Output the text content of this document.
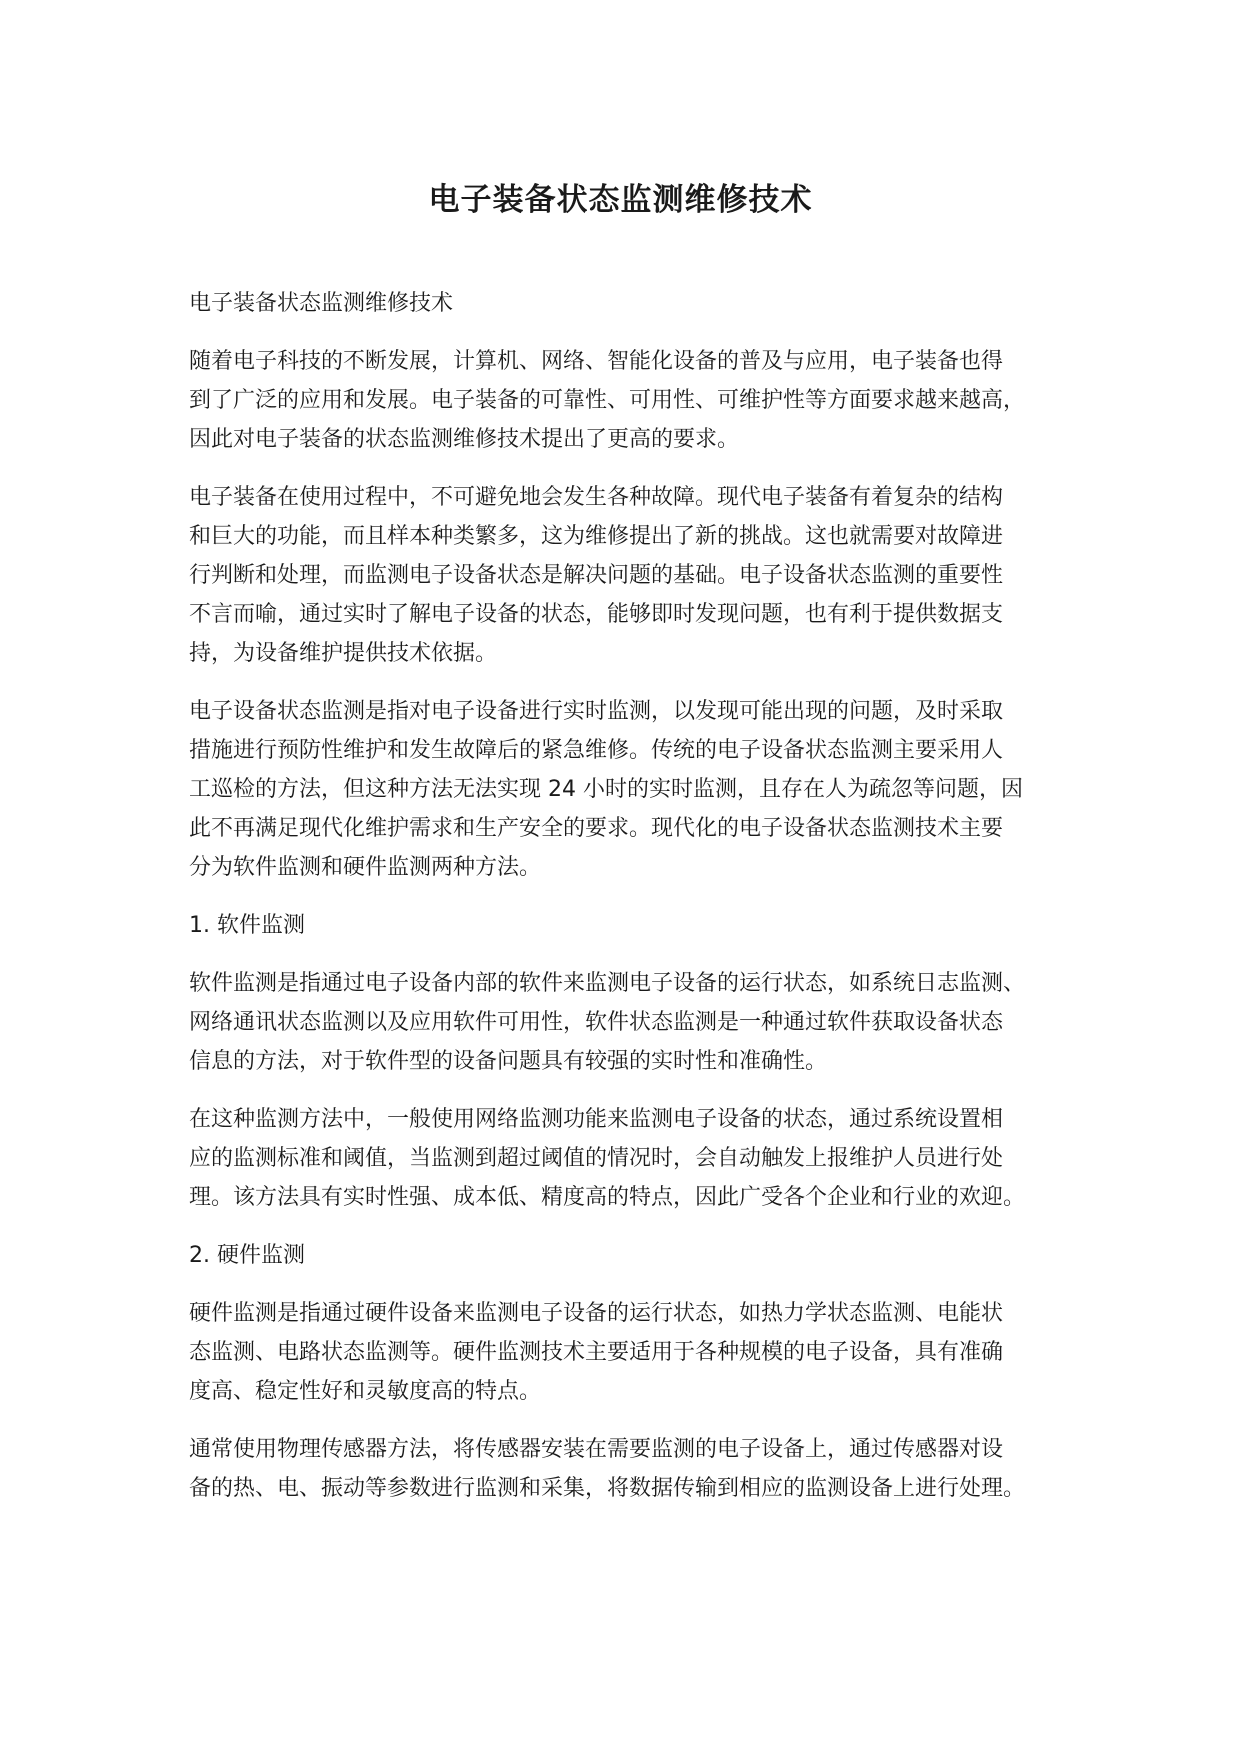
电子装备状态监测维修技术

电子装备状态监测维修技术

随着电子科技的不断发展，计算机、网络、智能化设备的普及与应用，电子装备也得
到了广泛的应用和发展。电子装备的可靠性、可用性、可维护性等方面要求越来越高，
因此对电子装备的状态监测维修技术提出了更高的要求。

电子装备在使用过程中，不可避免地会发生各种故障。现代电子装备有着复杂的结构
和巨大的功能，而且样本种类繁多，这为维修提出了新的挑战。这也就需要对故障进
行判断和处理，而监测电子设备状态是解决问题的基础。电子设备状态监测的重要性
不言而喻，通过实时了解电子设备的状态，能够即时发现问题，也有利于提供数据支
持，为设备维护提供技术依据。

电子设备状态监测是指对电子设备进行实时监测，以发现可能出现的问题，及时采取
措施进行预防性维护和发生故障后的紧急维修。传统的电子设备状态监测主要采用人
工巡检的方法，但这种方法无法实现 24 小时的实时监测，且存在人为疏忽等问题，因
此不再满足现代化维护需求和生产安全的要求。现代化的电子设备状态监测技术主要
分为软件监测和硬件监测两种方法。

1. 软件监测

软件监测是指通过电子设备内部的软件来监测电子设备的运行状态，如系统日志监测、
网络通讯状态监测以及应用软件可用性，软件状态监测是一种通过软件获取设备状态
信息的方法，对于软件型的设备问题具有较强的实时性和准确性。

在这种监测方法中，一般使用网络监测功能来监测电子设备的状态，通过系统设置相
应的监测标准和阈值，当监测到超过阈值的情况时，会自动触发上报维护人员进行处
理。该方法具有实时性强、成本低、精度高的特点，因此广受各个企业和行业的欢迎。

2. 硬件监测

硬件监测是指通过硬件设备来监测电子设备的运行状态，如热力学状态监测、电能状
态监测、电路状态监测等。硬件监测技术主要适用于各种规模的电子设备，具有准确
度高、稳定性好和灵敏度高的特点。

通常使用物理传感器方法，将传感器安装在需要监测的电子设备上，通过传感器对设
备的热、电、振动等参数进行监测和采集，将数据传输到相应的监测设备上进行处理。
